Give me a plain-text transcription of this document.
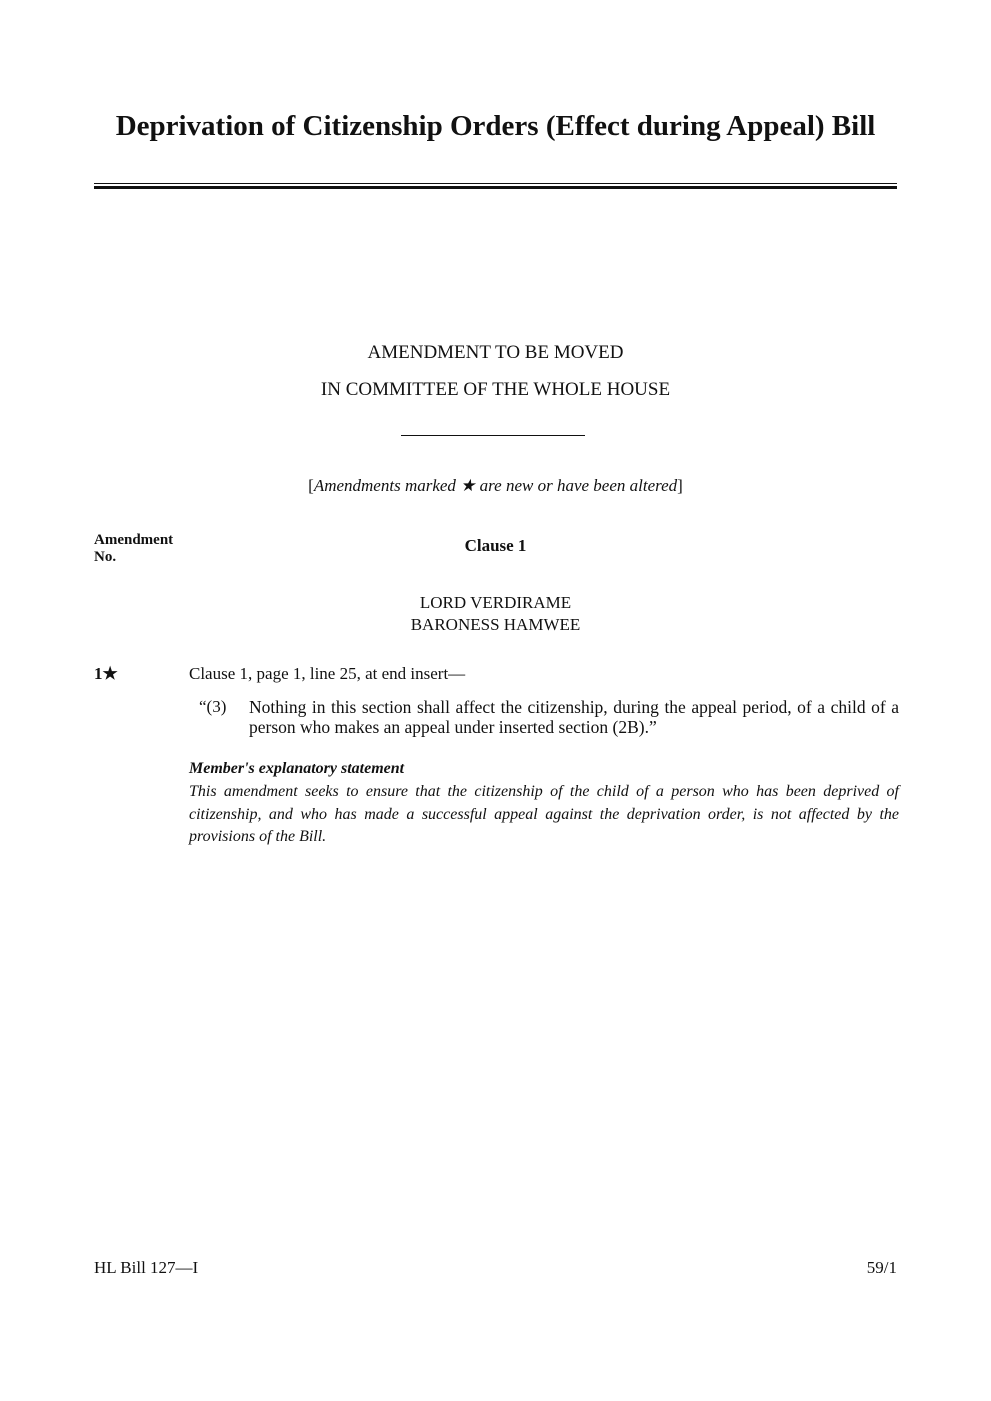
Deprivation of Citizenship Orders (Effect during Appeal) Bill
AMENDMENT TO BE MOVED
IN COMMITTEE OF THE WHOLE HOUSE
[Amendments marked ★ are new or have been altered]
Amendment
No.
Clause 1
LORD VERDIRAME
BARONESS HAMWEE
1★	Clause 1, page 1, line 25, at end insert—
“(3) Nothing in this section shall affect the citizenship, during the appeal period, of a child of a person who makes an appeal under inserted section (2B).”
Member's explanatory statement
This amendment seeks to ensure that the citizenship of the child of a person who has been deprived of citizenship, and who has made a successful appeal against the deprivation order, is not affected by the provisions of the Bill.
HL Bill 127—I	59/1
